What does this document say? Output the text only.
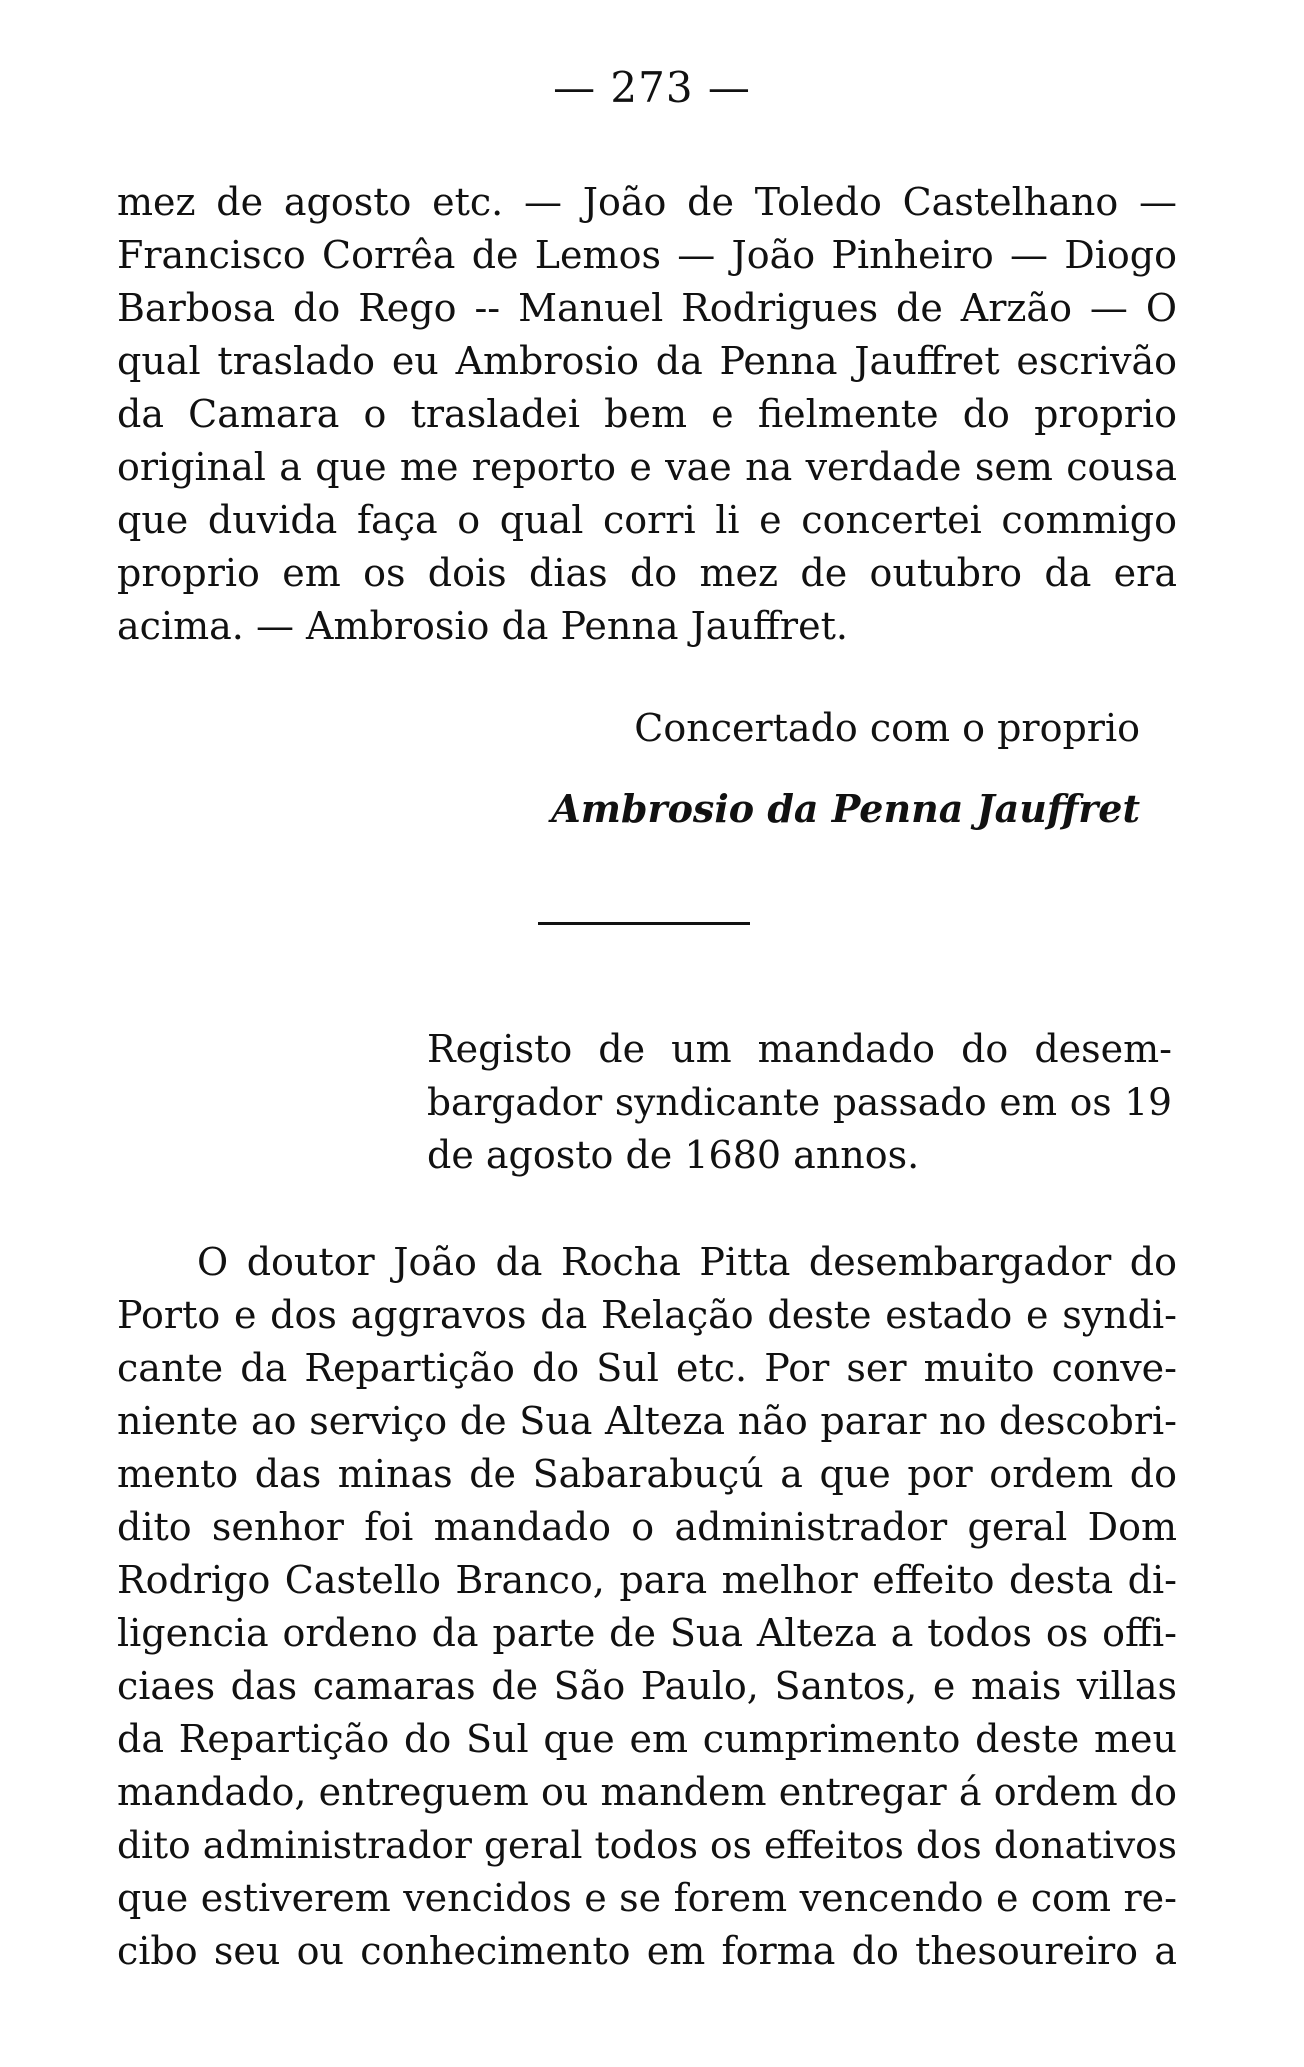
— 273 —
mez de agosto etc. — João de Toledo Castelhano —
Francisco Corrêa de Lemos — João Pinheiro — Diogo
Barbosa do Rego -- Manuel Rodrigues de Arzão — O
qual traslado eu Ambrosio da Penna Jauffret escrivão
da Camara o trasladei bem e fielmente do proprio
original a que me reporto e vae na verdade sem cousa
que duvida faça o qual corri li e concertei commigo
proprio em os dois dias do mez de outubro da era
acima. — Ambrosio da Penna Jauffret.
Concertado com o proprio
Ambrosio da Penna Jauffret
Registo de um mandado do desem-
bargador syndicante passado em os 19
de agosto de 1680 annos.
O doutor João da Rocha Pitta desembargador do
Porto e dos aggravos da Relação deste estado e syndi-
cante da Repartição do Sul etc. Por ser muito conve-
niente ao serviço de Sua Alteza não parar no descobri-
mento das minas de Sabarabuçú a que por ordem do
dito senhor foi mandado o administrador geral Dom
Rodrigo Castello Branco, para melhor effeito desta di-
ligencia ordeno da parte de Sua Alteza a todos os offi-
ciaes das camaras de São Paulo, Santos, e mais villas
da Repartição do Sul que em cumprimento deste meu
mandado, entreguem ou mandem entregar á ordem do
dito administrador geral todos os effeitos dos donativos
que estiverem vencidos e se forem vencendo e com re-
cibo seu ou conhecimento em forma do thesoureiro a
